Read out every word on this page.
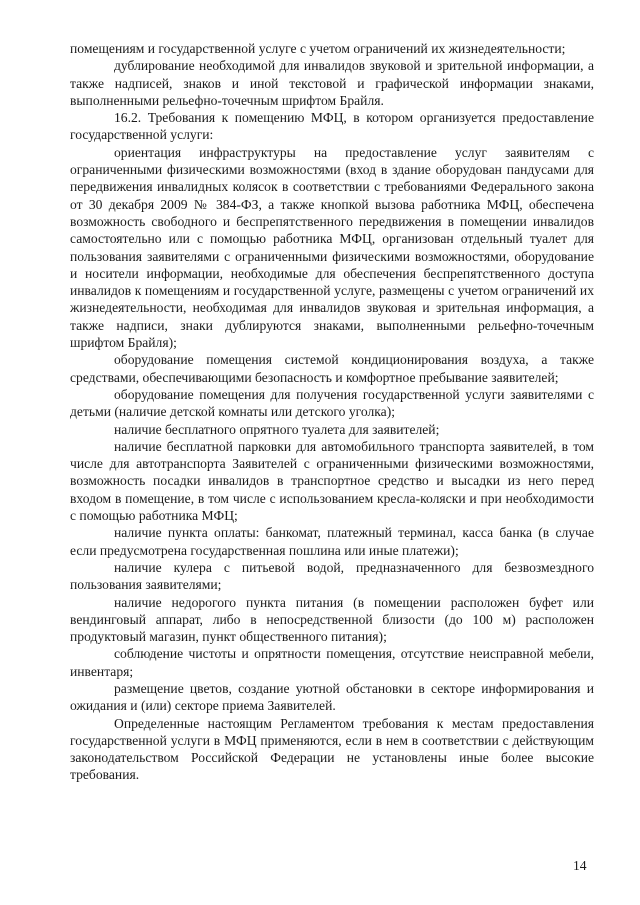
помещениям и государственной услуге с учетом ограничений их жизнедеятельности;

дублирование необходимой для инвалидов звуковой и зрительной информации, а также надписей, знаков и иной текстовой и графической информации знаками, выполненными рельефно-точечным шрифтом Брайля.

16.2. Требования к помещению МФЦ, в котором организуется предоставление государственной услуги:

ориентация инфраструктуры на предоставление услуг заявителям с ограниченными физическими возможностями (вход в здание оборудован пандусами для передвижения инвалидных колясок в соответствии с требованиями Федерального закона от 30 декабря 2009 № 384-ФЗ, а также кнопкой вызова работника МФЦ, обеспечена возможность свободного и беспрепятственного передвижения в помещении инвалидов самостоятельно или с помощью работника МФЦ, организован отдельный туалет для пользования заявителями с ограниченными физическими возможностями, оборудование и носители информации, необходимые для обеспечения беспрепятственного доступа инвалидов к помещениям и государственной услуге, размещены с учетом ограничений их жизнедеятельности, необходимая для инвалидов звуковая и зрительная информация, а также надписи, знаки дублируются знаками, выполненными рельефно-точечным шрифтом Брайля);

оборудование помещения системой кондиционирования воздуха, а также средствами, обеспечивающими безопасность и комфортное пребывание заявителей;

оборудование помещения для получения государственной услуги заявителями с детьми (наличие детской комнаты или детского уголка);

наличие бесплатного опрятного туалета для заявителей;

наличие бесплатной парковки для автомобильного транспорта заявителей, в том числе для автотранспорта Заявителей с ограниченными физическими возможностями, возможность посадки инвалидов в транспортное средство и высадки из него перед входом в помещение, в том числе с использованием кресла-коляски и при необходимости с помощью работника МФЦ;

наличие пункта оплаты: банкомат, платежный терминал, касса банка (в случае если предусмотрена государственная пошлина или иные платежи);

наличие кулера с питьевой водой, предназначенного для безвозмездного пользования заявителями;

наличие недорогого пункта питания (в помещении расположен буфет или вендинговый аппарат, либо в непосредственной близости (до 100 м) расположен продуктовый магазин, пункт общественного питания);

соблюдение чистоты и опрятности помещения, отсутствие неисправной мебели, инвентаря;

размещение цветов, создание уютной обстановки в секторе информирования и ожидания и (или) секторе приема Заявителей.

Определенные настоящим Регламентом требования к местам предоставления государственной услуги в МФЦ применяются, если в нем в соответствии с действующим законодательством Российской Федерации не установлены иные более высокие требования.

14
